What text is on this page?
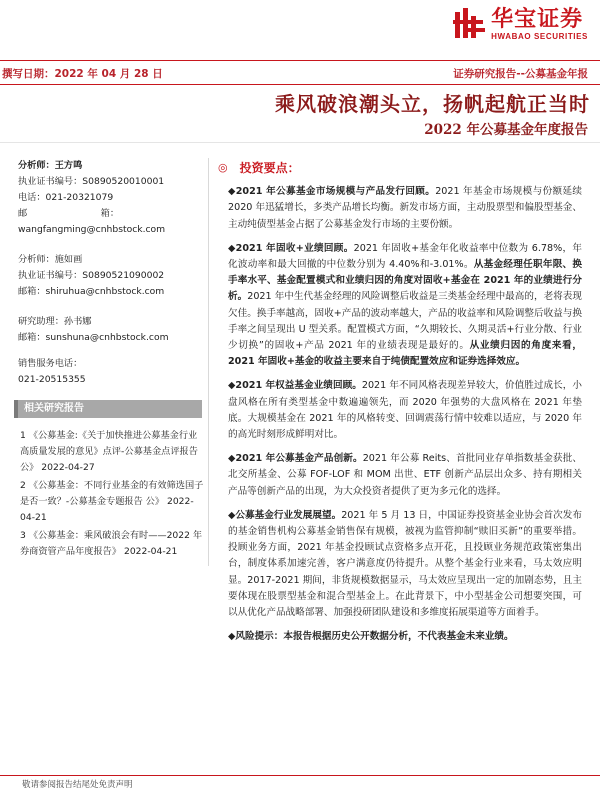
华宝证券
HWABAO SECURITIES
撰写日期：2022 年 04 月 28 日	证券研究报告--公募基金年报
乘风破浪潮头立，扬帆起航正当时
2022 年公募基金年度报告

分析师：王方鸣

执业证书编号：S0890520010001

电话：021-20321079

邮　　　　　　　　箱：

wangfangming@cnhbstock.com

分析师：施如画

执业证书编号：S0890521090002

邮箱：shiruhua@cnhbstock.com

研究助理：孙书娜

邮箱：sunshuna@cnhbstock.com

销售服务电话：

021-20515355

相关研究报告
1 《公募基金:《关于加快推进公募基金行业高质量发展的意见》点评-公募基金点评报告 公》 2022-04-27
2 《公募基金：不同行业基金的有效筛选国子是否一致？-公募基金专题报告 公》 2022-04-21
3 《公募基金：乘风破浪会有时——2022 年券商资管产品年度报告》 2022-04-21
◎ 投资要点：
◆2021 年公募基金市场规模与产品发行回顾。2021 年基金市场规模与份额延续 2020 年迅猛增长，多类产品增长均衡。新发市场方面，主动股票型和偏股型基金、主动纯债型基金占据了公募基金发行市场的主要份额。
◆2021 年固收+业绩回顾。2021 年固收+基金年化收益率中位数为 6.78%，年化波动率和最大回撤的中位数分别为 4.40%和-3.01%。从基金经理任职年限、换手率水平、基金配置模式和业绩归因的角度对固收+基金在 2021 年的业绩进行分析。2021 年中生代基金经理的风险调整后收益是三类基金经理中最高的，老将表现欠佳。换手率越高，固收+产品的波动率越大，产品的收益率和风险调整后收益与换手率之间呈现出 U 型关系。配置模式方面，“久期较长、久期灵活+行业分散、行业少切换”的固收+产品 2021 年的业绩表现是最好的。从业绩归因的角度来看，2021 年固收+基金的收益主要来自于纯债配置效应和证券选择效应。
◆2021 年权益基金业绩回顾。2021 年不同风格表现差异较大，价值胜过成长，小盘风格在所有类型基金中数遍遍领先，而 2020 年强势的大盘风格在 2021 年垫底。大规模基金在 2021 年的风格转变、回调震荡行情中较难以适应，与 2020 年的高光时刻形成鲜明对比。
◆2021 年公募基金产品创新。2021 年公募 Reits、首批同业存单指数基金获批、北交所基金、公募 FOF-LOF 和 MOM 出世、ETF 创新产品层出众多、持有期相关产品等创新产品的出现，为大众投资者提供了更为多元化的选择。
◆公募基金行业发展展望。2021 年 5 月 13 日，中国证券投资基金业协会首次发布的基金销售机构公募基金销售保有规模，被视为监管抑制“赎旧买新”的重要举措。投顾业务方面，2021 年基金投顾试点资格多点开花，且投顾业务规范政策密集出台，制度体系加速完善，客户满意度仍待提升。从整个基金行业来看，马太效应明显。2017-2021 期间，非货规模数据显示，马太效应呈现出一定的加剧态势，且主要体现在股票型基金和混合型基金上。在此背景下，中小型基金公司想要突围，可以从优化产品战略部署、加强投研团队建设和多维度拓展渠道等方面着手。
◆风险提示：本报告根据历史公开数据分析，不代表基金未来业绩。
敬请参阅报告结尾处免责声明
